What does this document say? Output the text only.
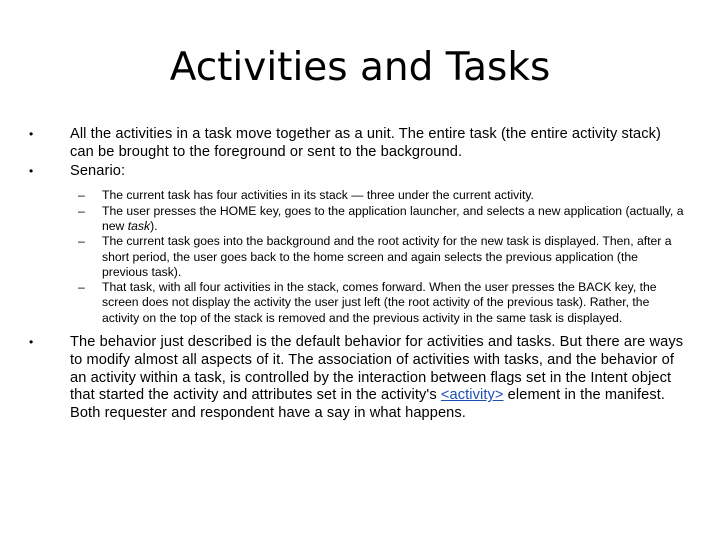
Activities and Tasks
•	All the activities in a task move together as a unit. The entire task (the entire activity stack) can be brought to the foreground or sent to the background.
•	Senario:
– The current task has four activities in its stack — three under the current activity.
– The user presses the HOME key, goes to the application launcher, and selects a new application (actually, a new task).
– The current task goes into the background and the root activity for the new task is displayed. Then, after a short period, the user goes back to the home screen and again selects the previous application (the previous task).
– That task, with all four activities in the stack, comes forward. When the user presses the BACK key, the screen does not display the activity the user just left (the root activity of the previous task). Rather, the activity on the top of the stack is removed and the previous activity in the same task is displayed.
•	The behavior just described is the default behavior for activities and tasks. But there are ways to modify almost all aspects of it. The association of activities with tasks, and the behavior of an activity within a task, is controlled by the interaction between flags set in the Intent object that started the activity and attributes set in the activity's <activity> element in the manifest. Both requester and respondent have a say in what happens.
